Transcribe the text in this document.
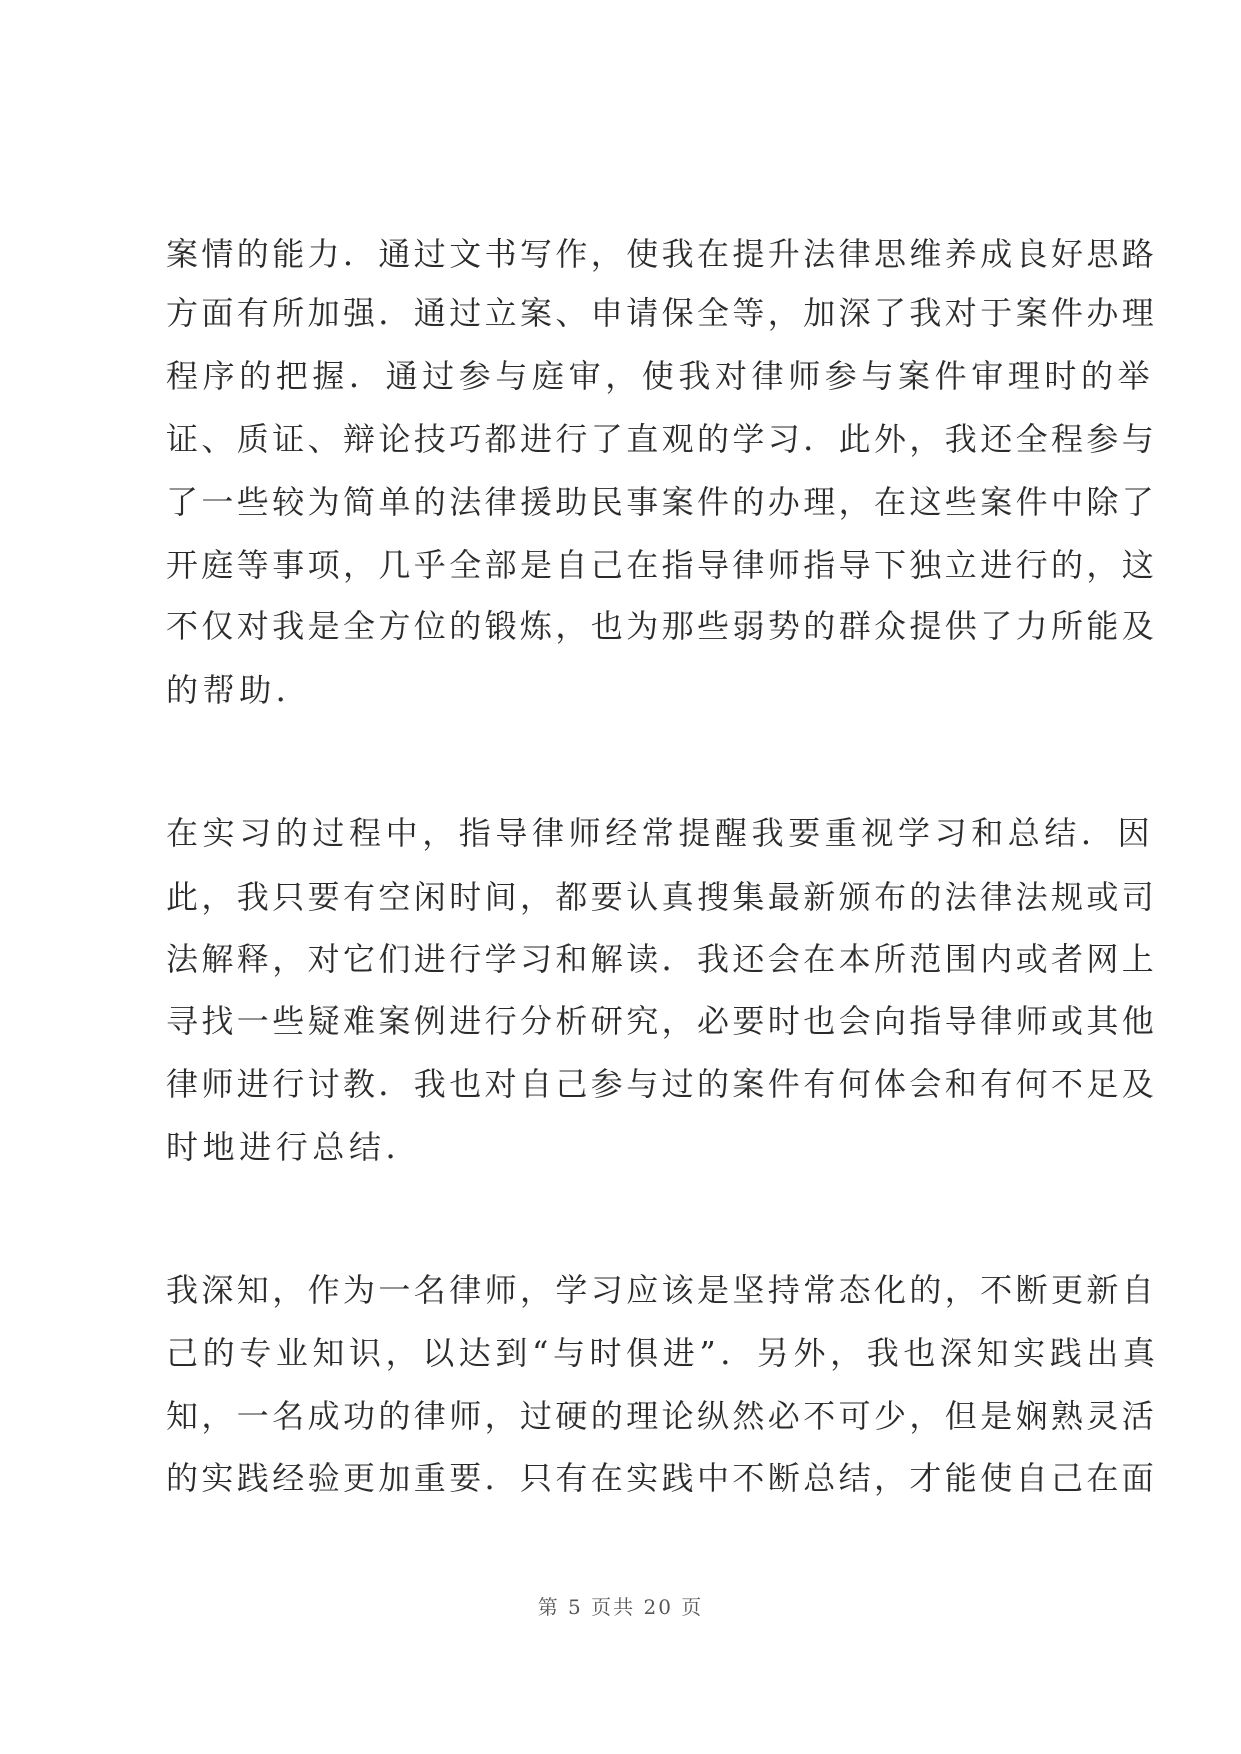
案情的能力．通过文书写作，使我在提升法律思维养成良好思路
方面有所加强．通过立案、申请保全等，加深了我对于案件办理
程序的把握．通过参与庭审，使我对律师参与案件审理时的举
证、质证、辩论技巧都进行了直观的学习．此外，我还全程参与
了一些较为简单的法律援助民事案件的办理，在这些案件中除了
开庭等事项，几乎全部是自己在指导律师指导下独立进行的，这
不仅对我是全方位的锻炼，也为那些弱势的群众提供了力所能及
的帮助．
在实习的过程中，指导律师经常提醒我要重视学习和总结．因
此，我只要有空闲时间，都要认真搜集最新颁布的法律法规或司
法解释，对它们进行学习和解读．我还会在本所范围内或者网上
寻找一些疑难案例进行分析研究，必要时也会向指导律师或其他
律师进行讨教．我也对自己参与过的案件有何体会和有何不足及
时地进行总结．
我深知，作为一名律师，学习应该是坚持常态化的，不断更新自
己的专业知识，以达到“与时俱进”．另外，我也深知实践出真
知，一名成功的律师，过硬的理论纵然必不可少，但是娴熟灵活
的实践经验更加重要．只有在实践中不断总结，才能使自己在面
第 5 页共 20 页
